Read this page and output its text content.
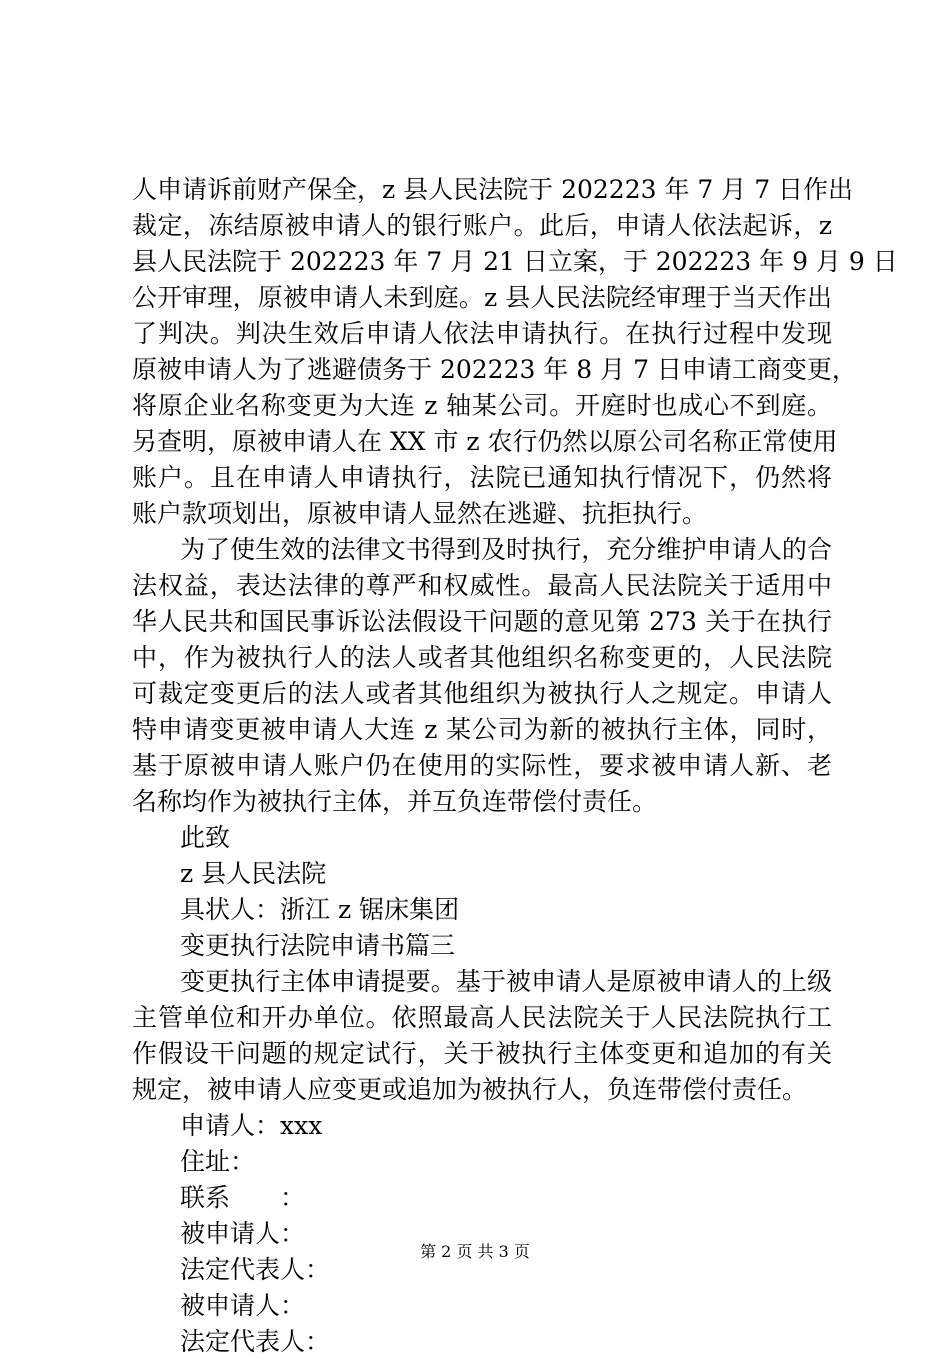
人申请诉前财产保全，z 县人民法院于 202223 年 7 月 7 日作出
裁定，冻结原被申请人的银行账户。此后，申请人依法起诉，z
县人民法院于 202223 年 7 月 21 日立案，于 202223 年 9 月 9 日
公开审理，原被申请人未到庭。z 县人民法院经审理于当天作出
了判决。判决生效后申请人依法申请执行。在执行过程中发现
原被申请人为了逃避债务于 202223 年 8 月 7 日申请工商变更，
将原企业名称变更为大连 z 轴某公司。开庭时也成心不到庭。
另查明，原被申请人在 XX 市 z 农行仍然以原公司名称正常使用
账户。且在申请人申请执行，法院已通知执行情况下，仍然将
账户款项划出，原被申请人显然在逃避、抗拒执行。
为了使生效的法律文书得到及时执行，充分维护申请人的合
法权益，表达法律的尊严和权威性。最高人民法院关于适用中
华人民共和国民事诉讼法假设干问题的意见第 273 关于在执行
中，作为被执行人的法人或者其他组织名称变更的，人民法院
可裁定变更后的法人或者其他组织为被执行人之规定。申请人
特申请变更被申请人大连 z 某公司为新的被执行主体，同时，
基于原被申请人账户仍在使用的实际性，要求被申请人新、老
名称均作为被执行主体，并互负连带偿付责任。
此致
z 县人民法院
具状人：浙江 z 锯床集团
变更执行法院申请书篇三
变更执行主体申请提要。基于被申请人是原被申请人的上级
主管单位和开办单位。依照最高人民法院关于人民法院执行工
作假设干问题的规定试行，关于被执行主体变更和追加的有关
规定，被申请人应变更或追加为被执行人，负连带偿付责任。
申请人：xxx
住址：
联系　　：
被申请人：
法定代表人：
被申请人：
法定代表人：
第 2 页 共 3 页
